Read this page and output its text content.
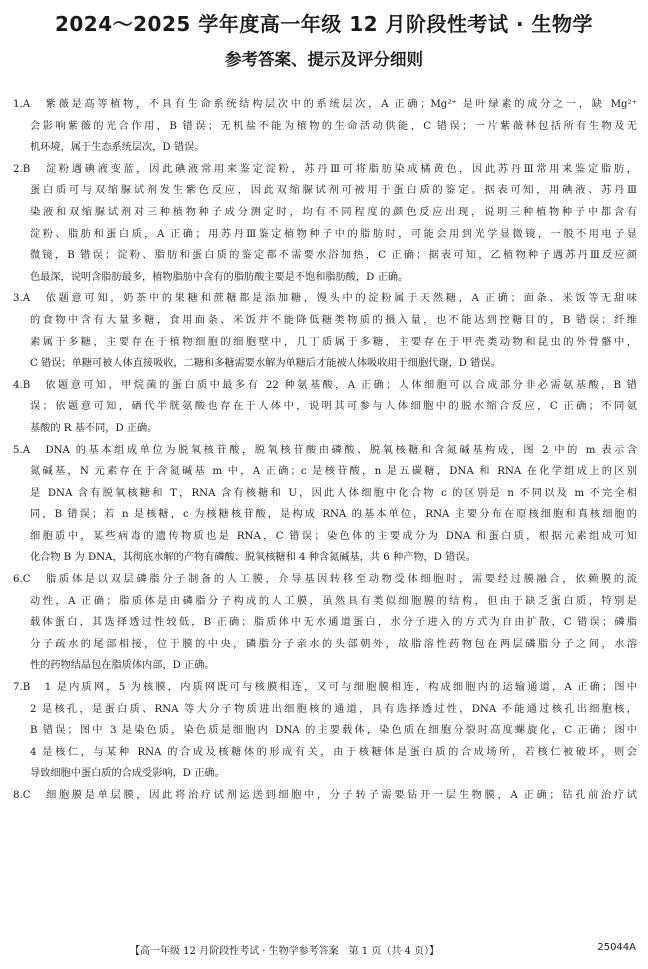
2024～2025 学年度高一年级 12 月阶段性考试 · 生物学
参考答案、提示及评分细则
1.A　紫薇是高等植物，不具有生命系统结构层次中的系统层次，A 正确；Mg²⁺ 是叶绿素的成分之一，缺 Mg²⁺
会影响紫薇的光合作用，B 错误；无机盐不能为植物的生命活动供能，C 错误；一片紫薇林包括所有生物及无
机环境，属于生态系统层次，D 错误。
2.B　淀粉遇碘液变蓝，因此碘液常用来鉴定淀粉，苏丹Ⅲ可将脂肪染成橘黄色，因此苏丹Ⅲ常用来鉴定脂肪，
蛋白质可与双缩脲试剂发生紫色反应，因此双缩脲试剂可被用于蛋白质的鉴定。据表可知，用碘液、苏丹Ⅲ
染液和双缩脲试剂对三种植物种子成分测定时，均有不同程度的颜色反应出现，说明三种植物种子中都含有
淀粉、脂肪和蛋白质，A 正确；用苏丹Ⅲ鉴定植物种子中的脂肪时，可能会用到光学显微镜，一般不用电子显
微镜，B 错误；淀粉、脂肪和蛋白质的鉴定都不需要水浴加热，C 正确；据表可知，乙植物种子遇苏丹Ⅲ反应颜
色最深，说明含脂肪最多，植物脂肪中含有的脂肪酸主要是不饱和脂肪酸，D 正确。
3.A　依题意可知，奶茶中的果糖和蔗糖都是添加糖，馒头中的淀粉属于天然糖，A 正确；面条、米饭等无甜味
的食物中含有大量多糖，食用面条、米饭并不能降低糖类物质的摄入量，也不能达到控糖目的，B 错误；纤维
素属于多糖，主要存在于植物细胞的细胞壁中，几丁质属于多糖，主要存在于甲壳类动物和昆虫的外骨骼中，
C 错误；单糖可被人体直接吸收，二糖和多糖需要水解为单糖后才能被人体吸收用于细胞代谢，D 错误。
4.B　依题意可知，甲烷菌的蛋白质中最多有 22 种氨基酸，A 正确；人体细胞可以合成部分非必需氨基酸，B 错
误；依题意可知，硒代半胱氨酸也存在于人体中，说明其可参与人体细胞中的脱水缩合反应，C 正确；不同氨
基酸的 R 基不同，D 正确。
5.A　DNA 的基本组成单位为脱氧核苷酸，脱氧核苷酸由磷酸、脱氧核糖和含氮碱基构成，图 2 中的 m 表示含
氮碱基，N 元素存在于含氮碱基 m 中，A 正确；c 是核苷酸，n 是五碳糖，DNA 和 RNA 在化学组成上的区别
是 DNA 含有脱氧核糖和 T，RNA 含有核糖和 U，因此人体细胞中化合物 c 的区别是 n 不同以及 m 不完全相
同，B 错误；若 n 是核糖，c 为核糖核苷酸，是构成 RNA 的基本单位，RNA 主要分布在原核细胞和真核细胞的
细胞质中，某些病毒的遗传物质也是 RNA，C 错误；染色体的主要成分为 DNA 和蛋白质，根据元素组成可知
化合物 B 为 DNA，其彻底水解的产物有磷酸、脱氧核糖和 4 种含氮碱基，共 6 种产物，D 错误。
6.C　脂质体是以双层磷脂分子制备的人工膜，介导基因转移至动物受体细胞时，需要经过膜融合，依赖膜的流
动性，A 正确；脂质体是由磷脂分子构成的人工膜，虽然具有类似细胞膜的结构，但由于缺乏蛋白质，特别是
载体蛋白，其选择透过性较低，B 正确；脂质体中无水通道蛋白，水分子进入的方式为自由扩散，C 错误；磷脂
分子疏水的尾部相接，位于膜的中央，磷脂分子亲水的头部朝外，故脂溶性药物包在两层磷脂分子之间，水溶
性的药物结晶包在脂质体内部，D 正确。
7.B　1 是内质网，5 为核膜，内质网既可与核膜相连，又可与细胞膜相连，构成细胞内的运输通道，A 正确；图中
2 是核孔，是蛋白质、RNA 等大分子物质进出细胞核的通道，具有选择透过性，DNA 不能通过核孔出细胞核，
B 错误；图中 3 是染色质，染色质是细胞内 DNA 的主要载体，染色质在细胞分裂时高度螺旋化，C 正确；图中
4 是核仁，与某种 RNA 的合成及核糖体的形成有关，由于核糖体是蛋白质的合成场所，若核仁被破坏，则会
导致细胞中蛋白质的合成受影响，D 正确。
8.C　细胞膜是单层膜，因此将治疗试剂运送到细胞中，分子转子需要钻开一层生物膜，A 正确；钻孔前治疗试
【高一年级 12 月阶段性考试 · 生物学参考答案　第 1 页（共 4 页）】	25044A
